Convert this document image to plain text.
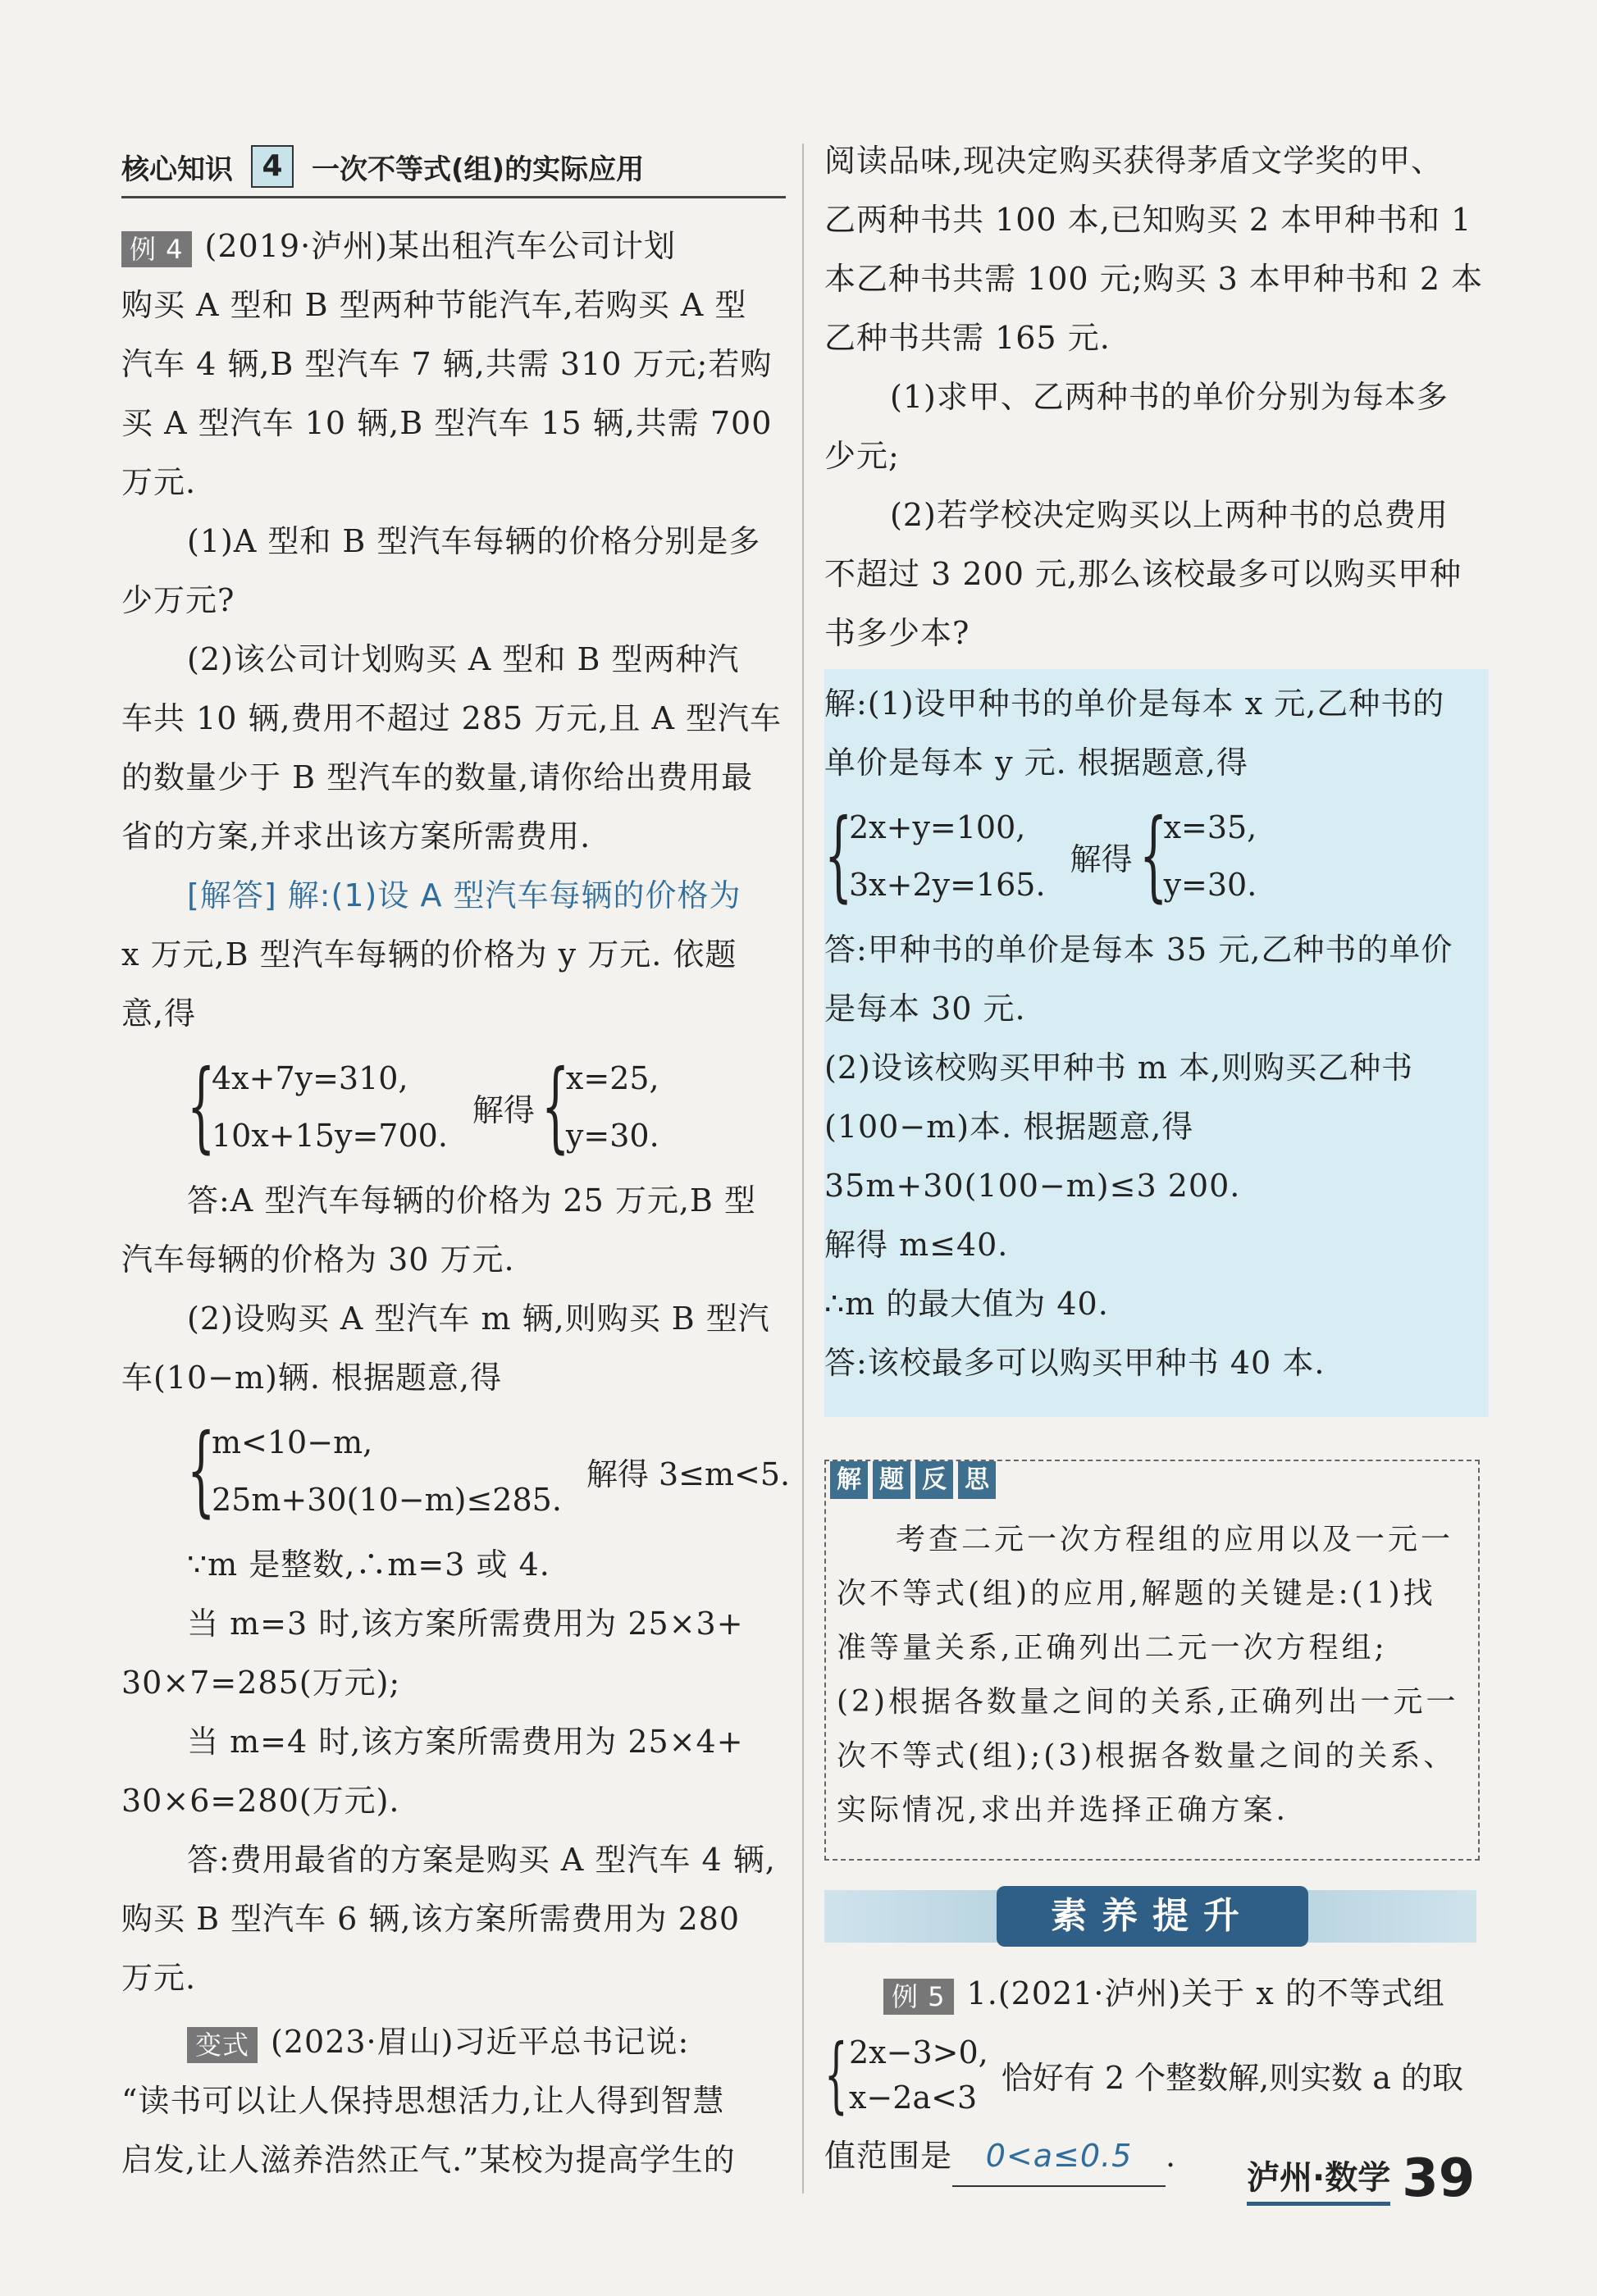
核心知识 4	一次不等式(组)的实际应用

例 4 (2019·泸州)某出租汽车公司计划

购买 A 型和 B 型两种节能汽车,若购买 A 型

汽车 4 辆,B 型汽车 7 辆,共需 310 万元;若购

买 A 型汽车 10 辆,B 型汽车 15 辆,共需 700

万元.

(1)A 型和 B 型汽车每辆的价格分别是多

少万元?

(2)该公司计划购买 A 型和 B 型两种汽

车共 10 辆,费用不超过 285 万元,且 A 型汽车

的数量少于 B 型汽车的数量,请你给出费用最

省的方案,并求出该方案所需费用.

[解答] 解:(1)设 A 型汽车每辆的价格为

x 万元,B 型汽车每辆的价格为 y 万元. 依题

意,得

{
4x+7y=310,
10x+15y=700.
解得 {
x=25,
y=30.

答:A 型汽车每辆的价格为 25 万元,B 型

汽车每辆的价格为 30 万元.

(2)设购买 A 型汽车 m 辆,则购买 B 型汽

车(10−m)辆. 根据题意,得

{
m<10−m,
25m+30(10−m)≤285.
解得 3≤m<5.

∵m 是整数,∴m=3 或 4.

当 m=3 时,该方案所需费用为 25×3+

30×7=285(万元);

当 m=4 时,该方案所需费用为 25×4+

30×6=280(万元).

答:费用最省的方案是购买 A 型汽车 4 辆,

购买 B 型汽车 6 辆,该方案所需费用为 280

万元.

变式 (2023·眉山)习近平总书记说:

“读书可以让人保持思想活力,让人得到智慧

启发,让人滋养浩然正气.”某校为提高学生的

阅读品味,现决定购买获得茅盾文学奖的甲、

乙两种书共 100 本,已知购买 2 本甲种书和 1

本乙种书共需 100 元;购买 3 本甲种书和 2 本

乙种书共需 165 元.

(1)求甲、乙两种书的单价分别为每本多

少元;

(2)若学校决定购买以上两种书的总费用

不超过 3 200 元,那么该校最多可以购买甲种

书多少本?

解:(1)设甲种书的单价是每本 x 元,乙种书的

单价是每本 y 元. 根据题意,得

{
2x+y=100,
3x+2y=165.
解得 {
x=35,
y=30.

答:甲种书的单价是每本 35 元,乙种书的单价

是每本 30 元.

(2)设该校购买甲种书 m 本,则购买乙种书

(100−m)本. 根据题意,得

35m+30(100−m)≤3 200.

解得 m≤40.

∴m 的最大值为 40.

答:该校最多可以购买甲种书 40 本.

解 题 反 思

考查二元一次方程组的应用以及一元一

次不等式(组)的应用,解题的关键是:(1)找

准等量关系,正确列出二元一次方程组;

(2)根据各数量之间的关系,正确列出一元一

次不等式(组);(3)根据各数量之间的关系、

实际情况,求出并选择正确方案.

素养提升

例 5 1.(2021·泸州)关于 x 的不等式组

{ 2x−3>0,
x−2a<3
恰好有 2 个整数解,则实数 a 的取

值范围是 0<a≤0.5 .

泸州·数学 39
